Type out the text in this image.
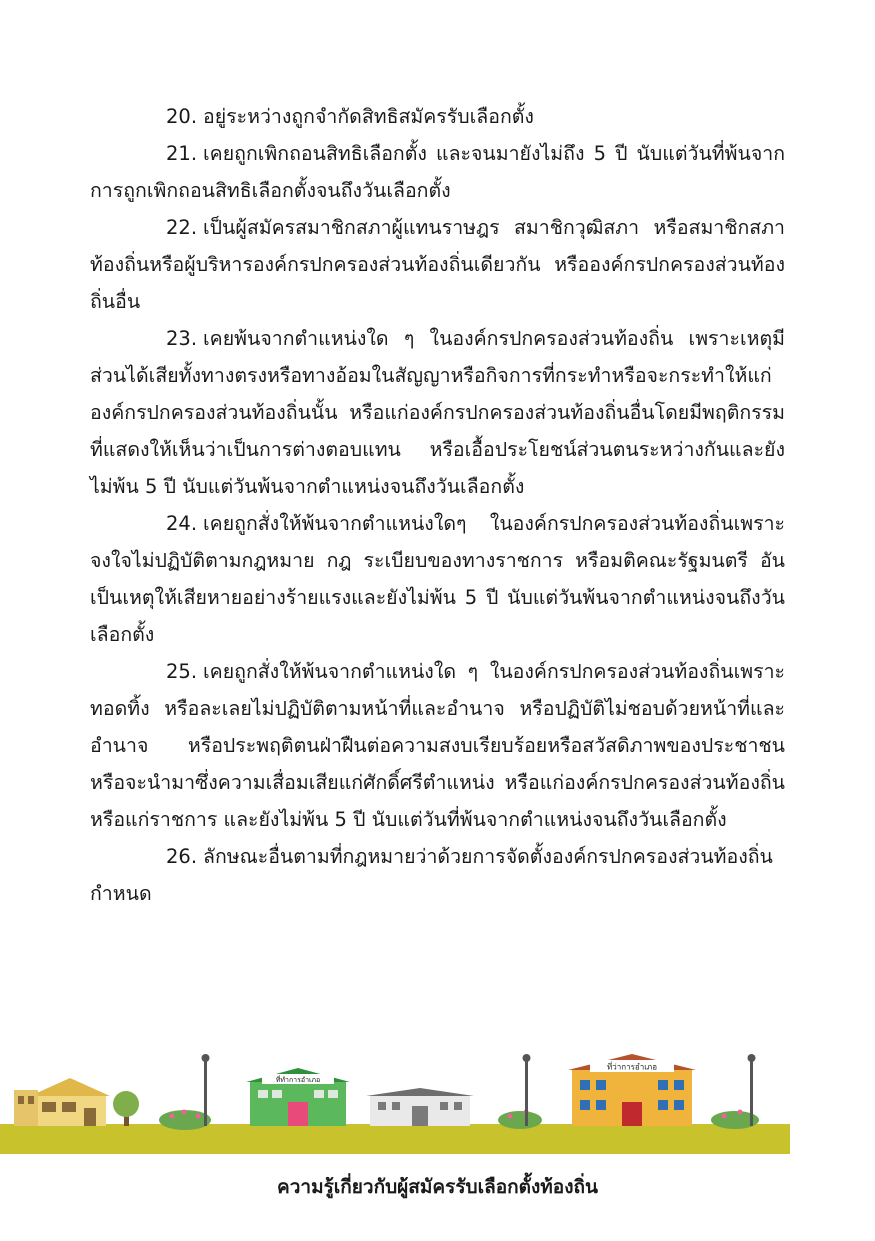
20. อยู่ระหว่างถูกจำกัดสิทธิสมัครรับเลือกตั้ง

21. เคยถูกเพิกถอนสิทธิเลือกตั้ง และจนมายังไม่ถึง 5 ปี นับแต่วันที่พ้นจากการถูกเพิกถอนสิทธิเลือกตั้งจนถึงวันเลือกตั้ง

22. เป็นผู้สมัครสมาชิกสภาผู้แทนราษฎร สมาชิกวุฒิสภา หรือสมาชิกสภาท้องถิ่นหรือผู้บริหารองค์กรปกครองส่วนท้องถิ่นเดียวกัน หรือองค์กรปกครองส่วนท้องถิ่นอื่น

23. เคยพ้นจากตำแหน่งใด ๆ ในองค์กรปกครองส่วนท้องถิ่น เพราะเหตุมีส่วนได้เสียทั้งทางตรงหรือทางอ้อมในสัญญาหรือกิจการที่กระทำหรือจะกระทำให้แก่องค์กรปกครองส่วนท้องถิ่นนั้น หรือแก่องค์กรปกครองส่วนท้องถิ่นอื่นโดยมีพฤติกรรมที่แสดงให้เห็นว่าเป็นการต่างตอบแทน หรือเอื้อประโยชน์ส่วนตนระหว่างกันและยังไม่พ้น 5 ปี นับแต่วันพ้นจากตำแหน่งจนถึงวันเลือกตั้ง

24. เคยถูกสั่งให้พ้นจากตำแหน่งใดๆ ในองค์กรปกครองส่วนท้องถิ่นเพราะจงใจไม่ปฏิบัติตามกฎหมาย กฎ ระเบียบของทางราชการ หรือมติคณะรัฐมนตรี อันเป็นเหตุให้เสียหายอย่างร้ายแรงและยังไม่พ้น 5 ปี นับแต่วันพ้นจากตำแหน่งจนถึงวันเลือกตั้ง

25. เคยถูกสั่งให้พ้นจากตำแหน่งใด ๆ ในองค์กรปกครองส่วนท้องถิ่นเพราะทอดทิ้ง หรือละเลยไม่ปฏิบัติตามหน้าที่และอำนาจ หรือปฏิบัติไม่ชอบด้วยหน้าที่และอำนาจ หรือประพฤติตนฝ่าฝืนต่อความสงบเรียบร้อยหรือสวัสดิภาพของประชาชน หรือจะนำมาซึ่งความเสื่อมเสียแก่ศักดิ์ศรีตำแหน่ง หรือแก่องค์กรปกครองส่วนท้องถิ่น หรือแก่ราชการ และยังไม่พ้น 5 ปี นับแต่วันที่พ้นจากตำแหน่งจนถึงวันเลือกตั้ง

26. ลักษณะอื่นตามที่กฎหมายว่าด้วยการจัดตั้งองค์กรปกครองส่วนท้องถิ่นกำหนด

ที่ทำการอำเภอ
ที่ว่าการอำเภอ
ความรู้เกี่ยวกับผู้สมัครรับเลือกตั้งท้องถิ่น
